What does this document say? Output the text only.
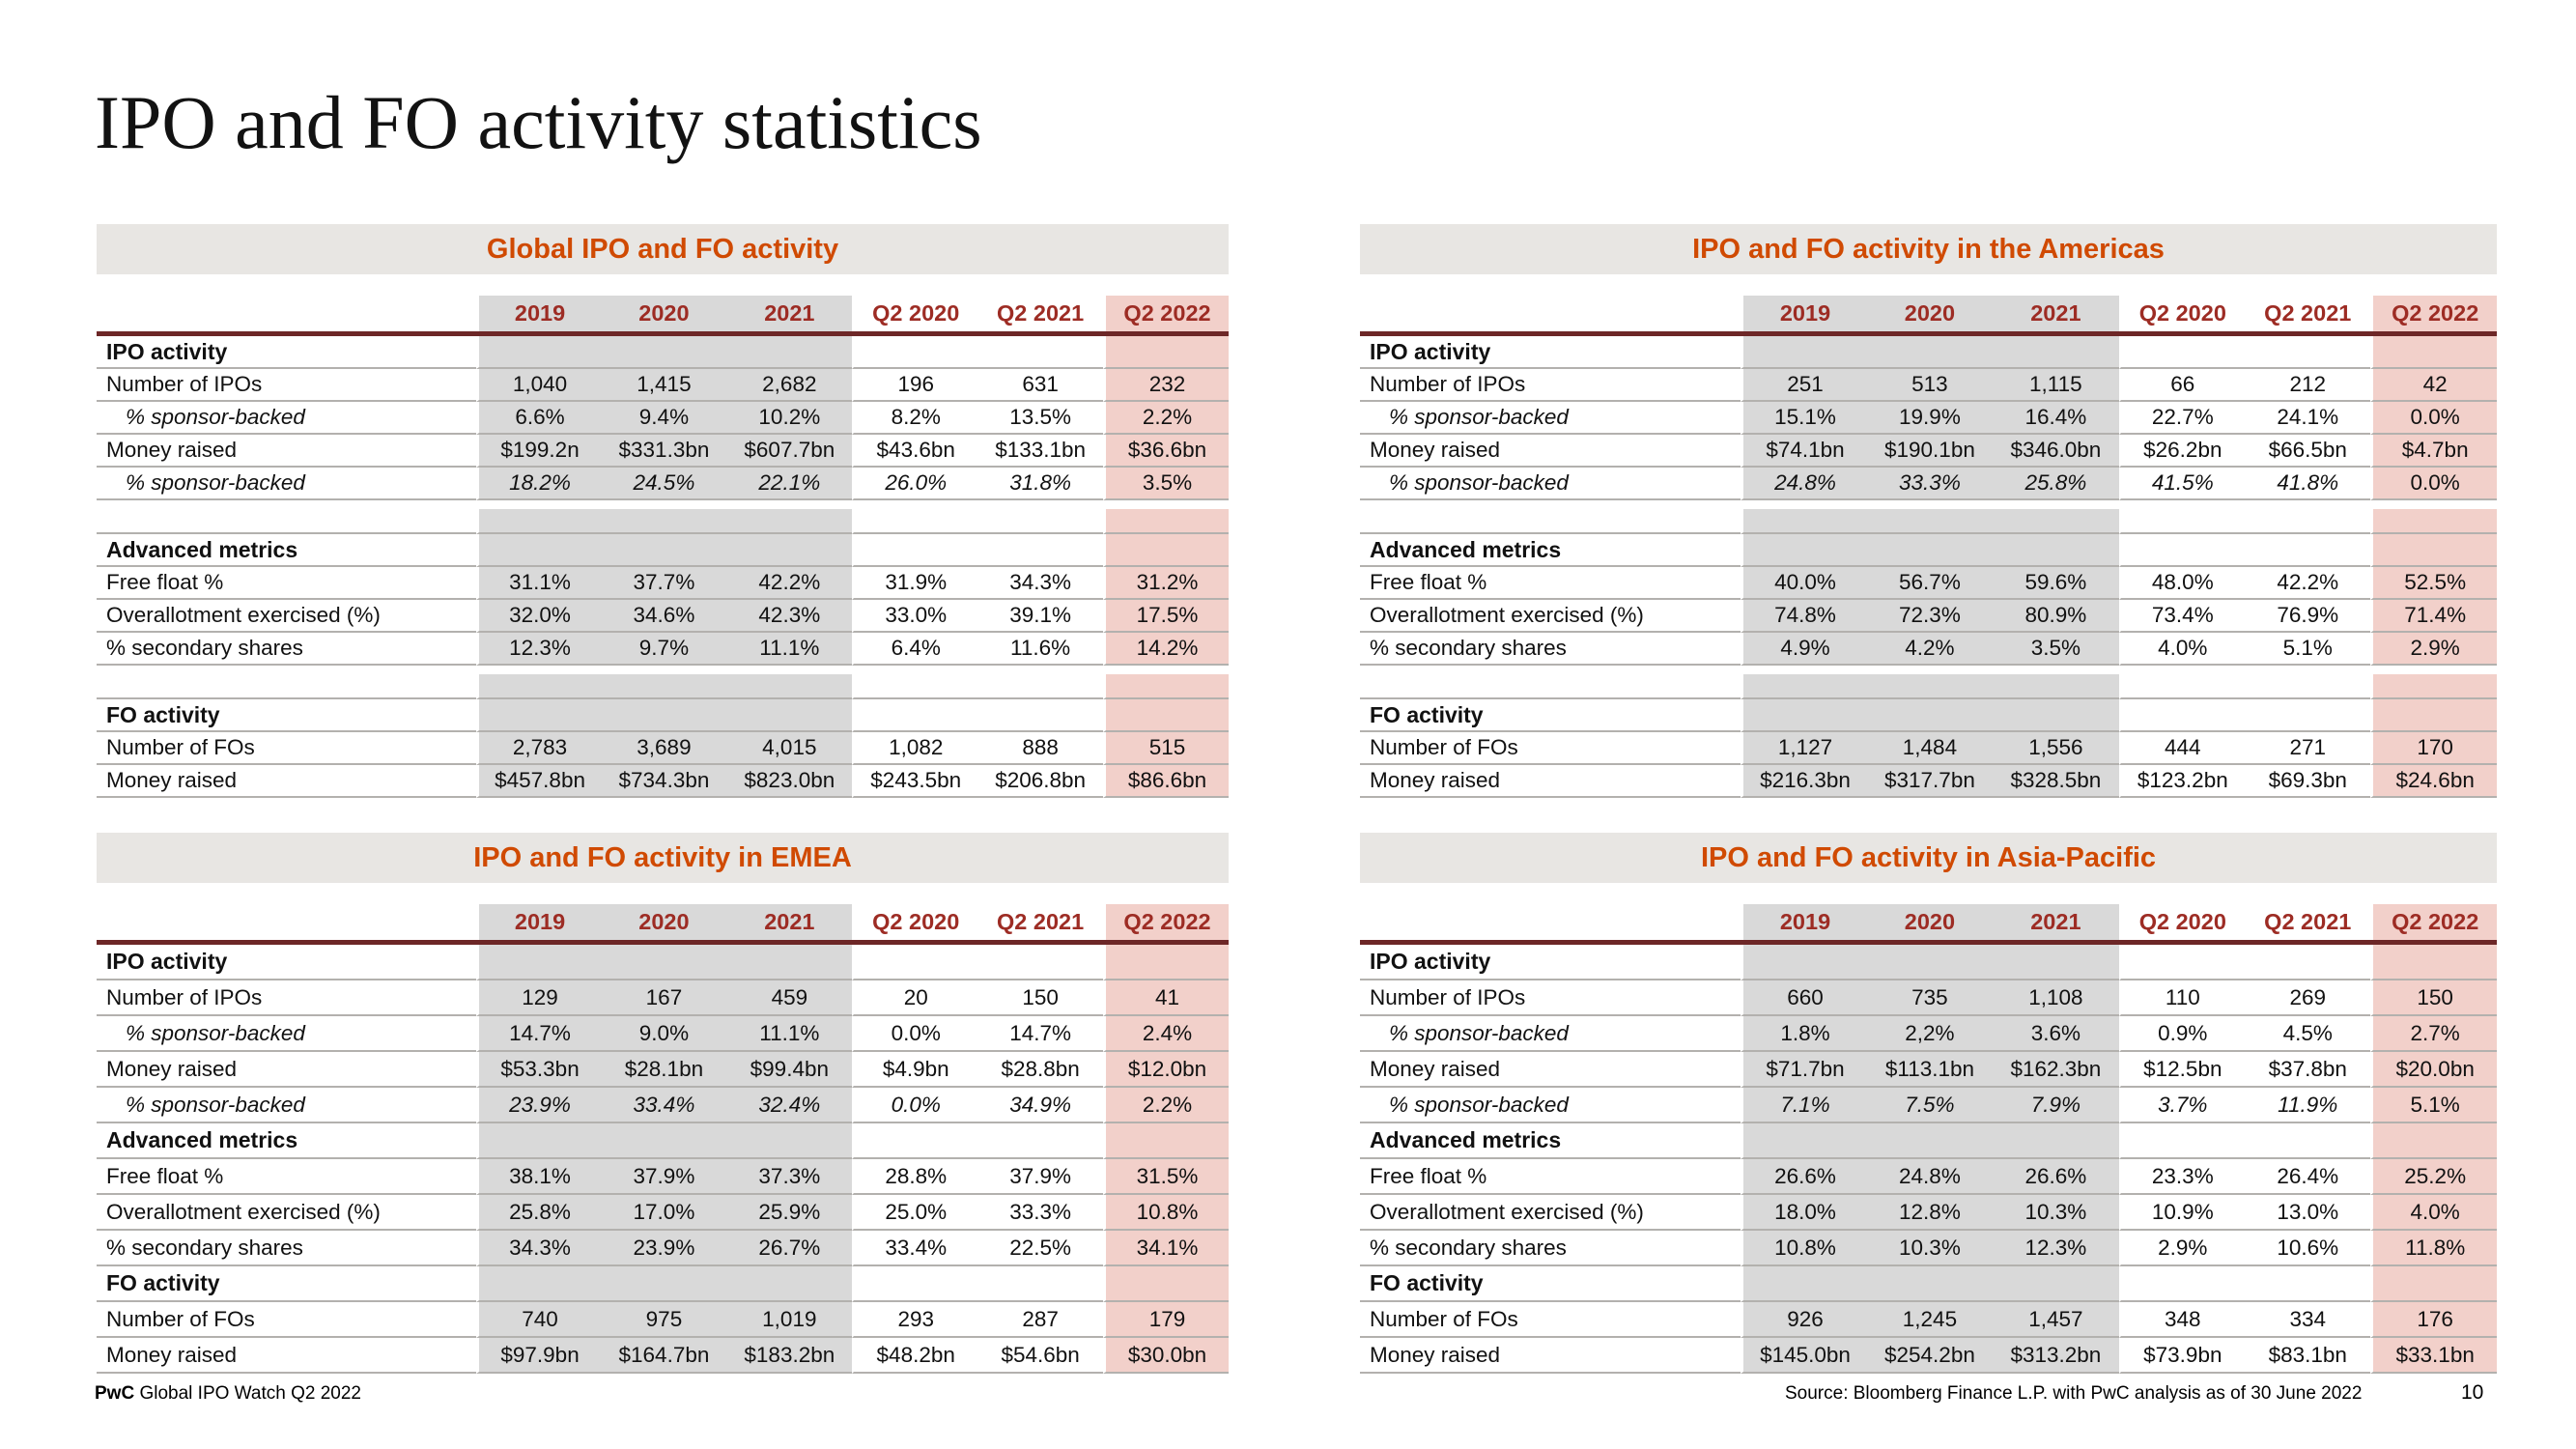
IPO and FO activity statistics
Global IPO and FO activity
2019	2020	2021	Q2 2020	Q2 2021	Q2 2022
IPO activity
Number of IPOs	1,040	1,415	2,682	196	631	232
% sponsor-backed	6.6%	9.4%	10.2%	8.2%	13.5%	2.2%
Money raised	$199.2n	$331.3bn	$607.7bn	$43.6bn	$133.1bn	$36.6bn
% sponsor-backed	18.2%	24.5%	22.1%	26.0%	31.8%	3.5%
Advanced metrics
Free float %	31.1%	37.7%	42.2%	31.9%	34.3%	31.2%
Overallotment exercised (%)	32.0%	34.6%	42.3%	33.0%	39.1%	17.5%
% secondary shares	12.3%	9.7%	11.1%	6.4%	11.6%	14.2%
FO activity
Number of FOs	2,783	3,689	4,015	1,082	888	515
Money raised	$457.8bn	$734.3bn	$823.0bn	$243.5bn	$206.8bn	$86.6bn
IPO and FO activity in the Americas
2019	2020	2021	Q2 2020	Q2 2021	Q2 2022
IPO activity
Number of IPOs	251	513	1,115	66	212	42
% sponsor-backed	15.1%	19.9%	16.4%	22.7%	24.1%	0.0%
Money raised	$74.1bn	$190.1bn	$346.0bn	$26.2bn	$66.5bn	$4.7bn
% sponsor-backed	24.8%	33.3%	25.8%	41.5%	41.8%	0.0%
Advanced metrics
Free float %	40.0%	56.7%	59.6%	48.0%	42.2%	52.5%
Overallotment exercised (%)	74.8%	72.3%	80.9%	73.4%	76.9%	71.4%
% secondary shares	4.9%	4.2%	3.5%	4.0%	5.1%	2.9%
FO activity
Number of FOs	1,127	1,484	1,556	444	271	170
Money raised	$216.3bn	$317.7bn	$328.5bn	$123.2bn	$69.3bn	$24.6bn
IPO and FO activity in EMEA
2019	2020	2021	Q2 2020	Q2 2021	Q2 2022
IPO activity
Number of IPOs	129	167	459	20	150	41
% sponsor-backed	14.7%	9.0%	11.1%	0.0%	14.7%	2.4%
Money raised	$53.3bn	$28.1bn	$99.4bn	$4.9bn	$28.8bn	$12.0bn
% sponsor-backed	23.9%	33.4%	32.4%	0.0%	34.9%	2.2%
Advanced metrics
Free float %	38.1%	37.9%	37.3%	28.8%	37.9%	31.5%
Overallotment exercised (%)	25.8%	17.0%	25.9%	25.0%	33.3%	10.8%
% secondary shares	34.3%	23.9%	26.7%	33.4%	22.5%	34.1%
FO activity
Number of FOs	740	975	1,019	293	287	179
Money raised	$97.9bn	$164.7bn	$183.2bn	$48.2bn	$54.6bn	$30.0bn
IPO and FO activity in Asia-Pacific
2019	2020	2021	Q2 2020	Q2 2021	Q2 2022
IPO activity
Number of IPOs	660	735	1,108	110	269	150
% sponsor-backed	1.8%	2,2%	3.6%	0.9%	4.5%	2.7%
Money raised	$71.7bn	$113.1bn	$162.3bn	$12.5bn	$37.8bn	$20.0bn
% sponsor-backed	7.1%	7.5%	7.9%	3.7%	11.9%	5.1%
Advanced metrics
Free float %	26.6%	24.8%	26.6%	23.3%	26.4%	25.2%
Overallotment exercised (%)	18.0%	12.8%	10.3%	10.9%	13.0%	4.0%
% secondary shares	10.8%	10.3%	12.3%	2.9%	10.6%	11.8%
FO activity
Number of FOs	926	1,245	1,457	348	334	176
Money raised	$145.0bn	$254.2bn	$313.2bn	$73.9bn	$83.1bn	$33.1bn
PwC Global IPO Watch Q2 2022	Source: Bloomberg Finance L.P. with PwC analysis as of 30 June 2022	10
